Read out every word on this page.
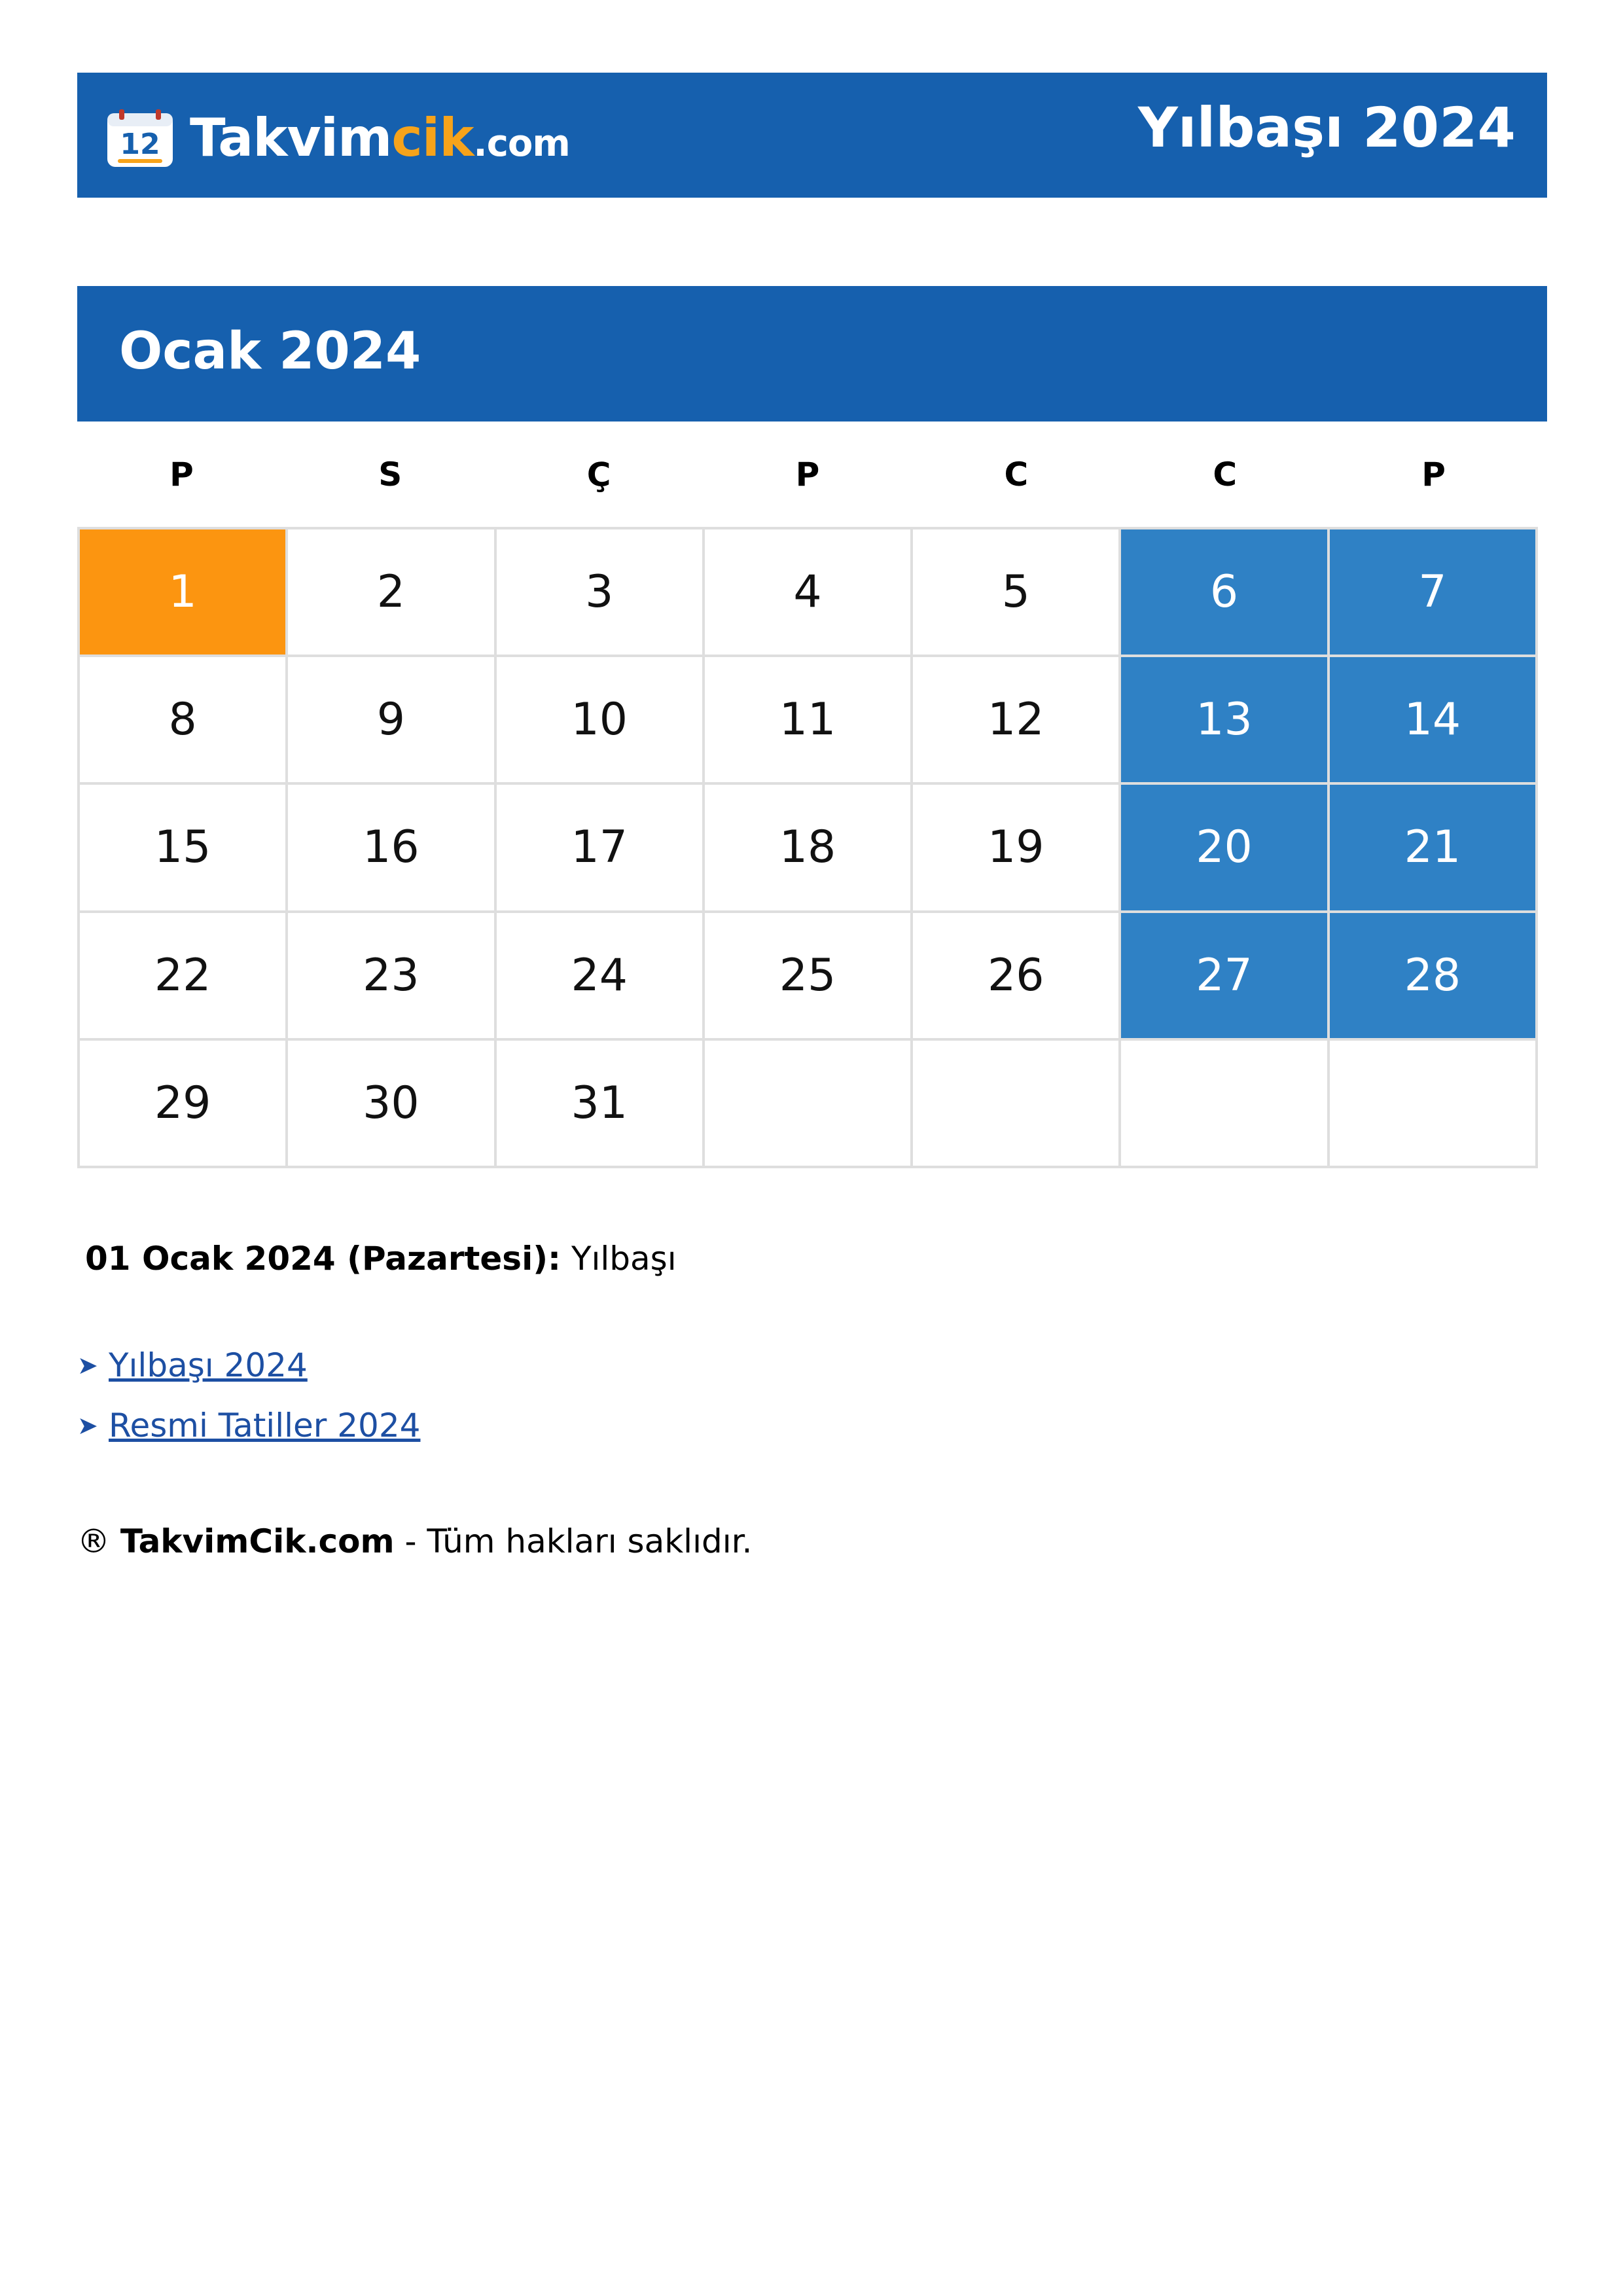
12 Takvimcik.com	Yılbaşı 2024
Ocak 2024
P	S	Ç	P	C	C	P
1	2	3	4	5	6	7
8	9	10	11	12	13	14
15	16	17	18	19	20	21
22	23	24	25	26	27	28
29	30	31
01 Ocak 2024 (Pazartesi): Yılbaşı
➤ Yılbaşı 2024
➤ Resmi Tatiller 2024
® TakvimCik.com - Tüm hakları saklıdır.
